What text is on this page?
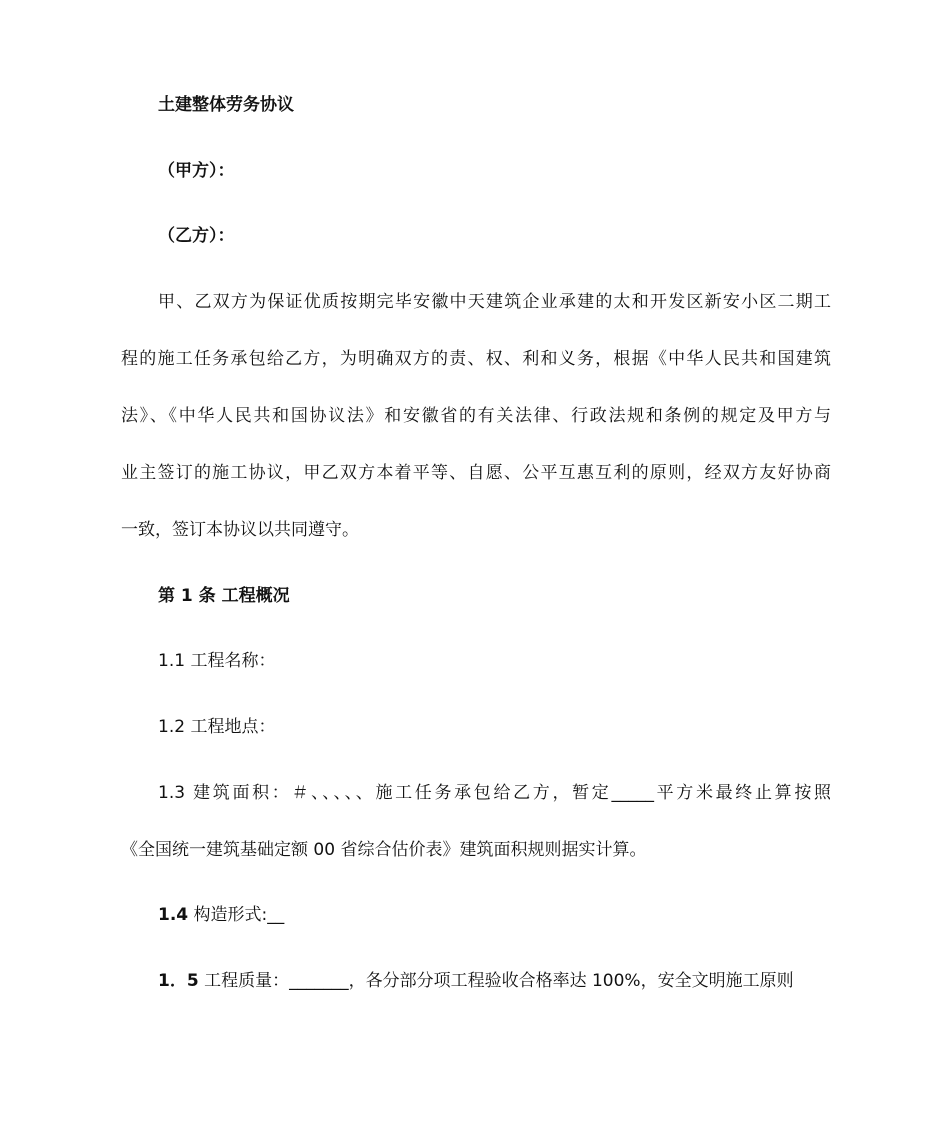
土建整体劳务协议
（甲方）：
（乙方）：
甲、乙双方为保证优质按期完毕安徽中天建筑企业承建的太和开发区新安小区二期工
程的施工任务承包给乙方，为明确双方的责、权、利和义务，根据《中华人民共和国建筑
法》、《中华人民共和国协议法》和安徽省的有关法律、行政法规和条例的规定及甲方与
业主签订的施工协议，甲乙双方本着平等、自愿、公平互惠互利的原则，经双方友好协商
一致，签订本协议以共同遵守。
第 1 条 工程概况
1.1 工程名称：
1.2 工程地点：
1.3 建筑面积：＃、、、、、施工任务承包给乙方，暂定_____平方米最终止算按照
《全国统一建筑基础定额 00 省综合估价表》建筑面积规则据实计算。
1.4 构造形式:__
1．5 工程质量：_______，各分部分项工程验收合格率达 100%，安全文明施工原则
